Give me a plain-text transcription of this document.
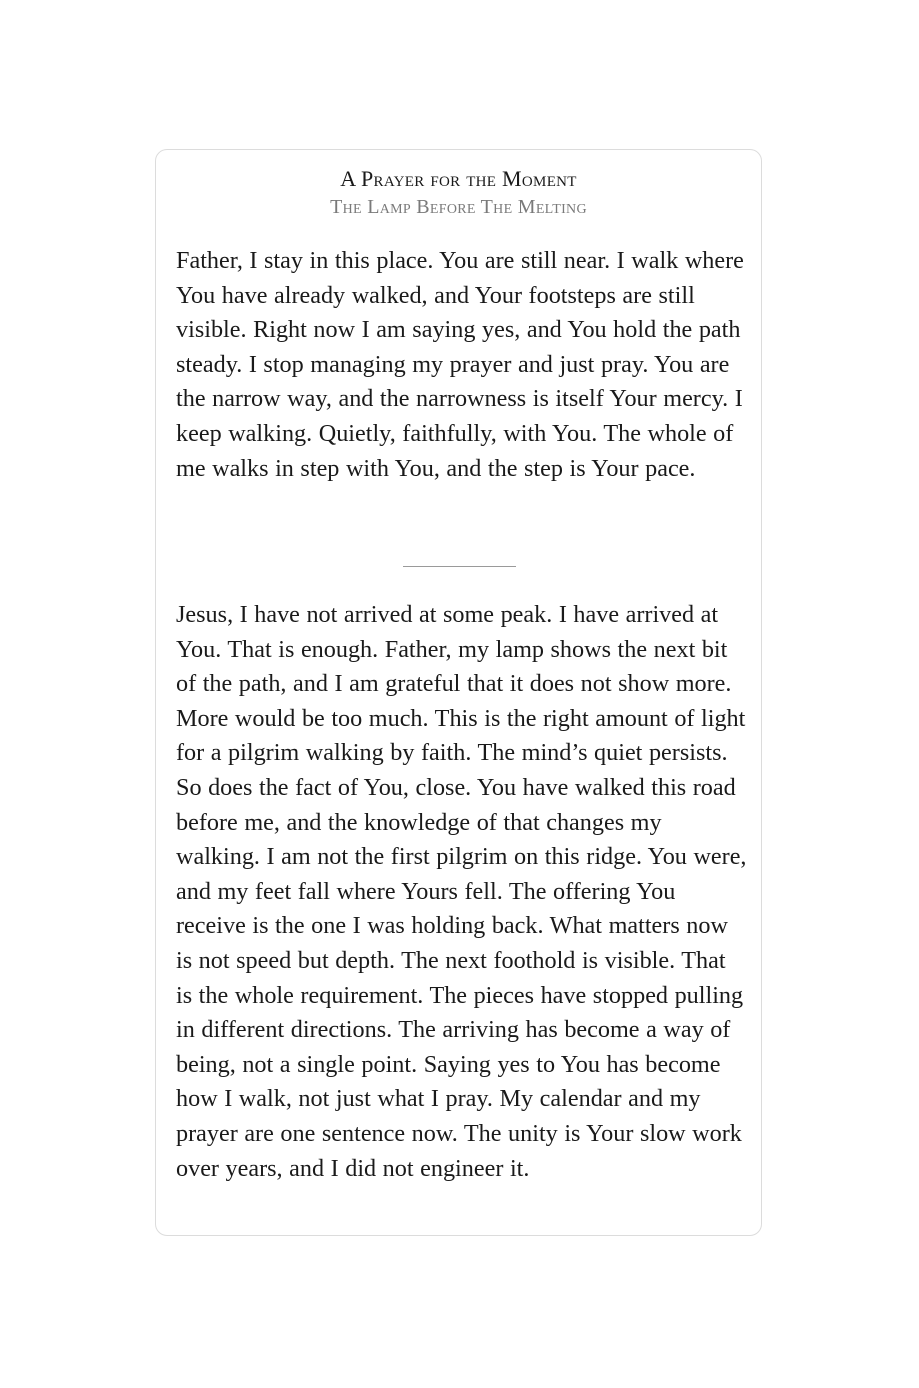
A Prayer for the Moment
The Lamp Before The Melting

Father, I stay in this place. You are still near. I walk where You have already walked, and Your footsteps are still visible. Right now I am saying yes, and You hold the path steady. I stop managing my prayer and just pray. You are the narrow way, and the narrowness is itself Your mercy. I keep walking. Quietly, faithfully, with You. The whole of me walks in step with You, and the step is Your pace.

Jesus, I have not arrived at some peak. I have arrived at You. That is enough. Father, my lamp shows the next bit of the path, and I am grateful that it does not show more. More would be too much. This is the right amount of light for a pilgrim walking by faith. The mind’s quiet persists. So does the fact of You, close. You have walked this road before me, and the knowledge of that changes my walking. I am not the first pilgrim on this ridge. You were, and my feet fall where Yours fell. The offering You receive is the one I was holding back. What matters now is not speed but depth. The next foothold is visible. That is the whole requirement. The pieces have stopped pulling in different directions. The arriving has become a way of being, not a single point. Saying yes to You has become how I walk, not just what I pray. My calendar and my prayer are one sentence now. The unity is Your slow work over years, and I did not engineer it.
